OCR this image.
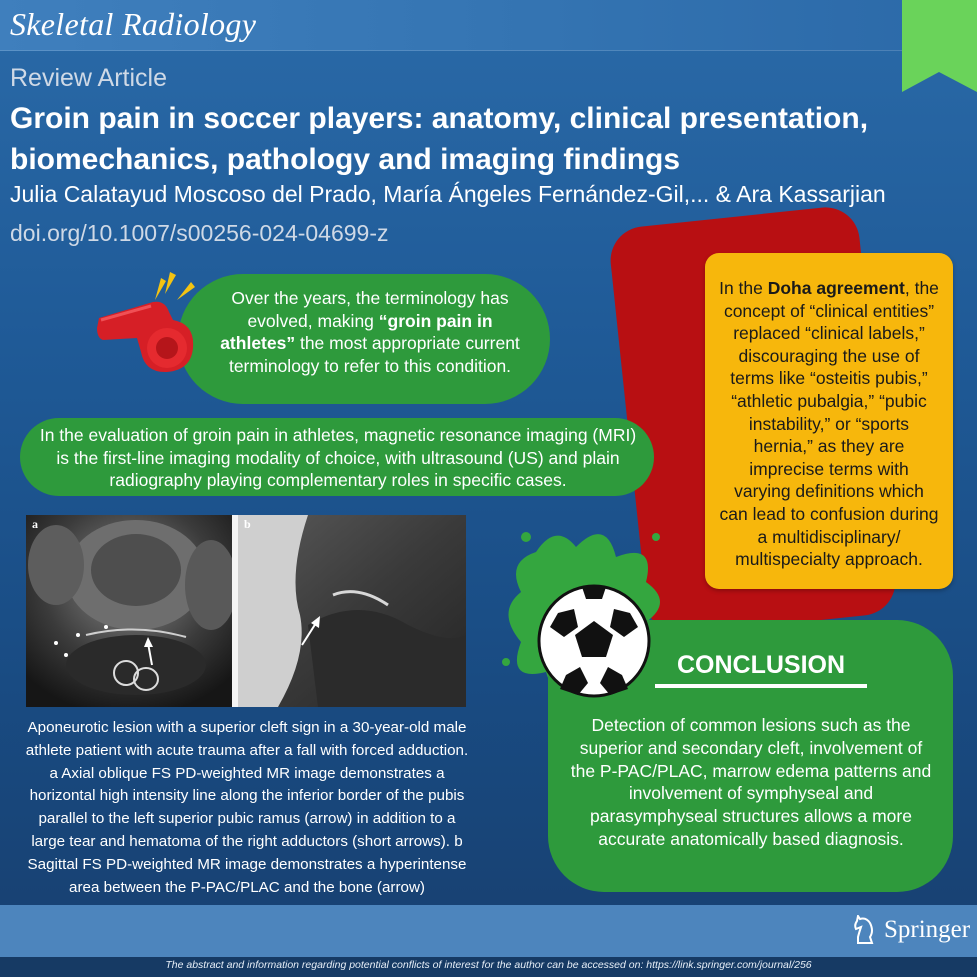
Skeletal Radiology
Review Article
Groin pain in soccer players: anatomy, clinical presentation, biomechanics, pathology and imaging findings
Julia Calatayud Moscoso del Prado, María Ángeles Fernández-Gil,... & Ara Kassarjian
doi.org/10.1007/s00256-024-04699-z
In the Doha agreement, the concept of “clinical entities” replaced “clinical labels,” discouraging the use of terms like “osteitis pubis,” “athletic pubalgia,” “pubic instability,” or “sports hernia,” as they are imprecise terms with varying definitions which can lead to confusion during a multidisciplinary/ multispecialty approach.
Over the years, the terminology has evolved, making “groin pain in athletes” the most appropriate current terminology to refer to this condition.
In the evaluation of groin pain in athletes, magnetic resonance imaging (MRI) is the first-line imaging modality of choice, with ultrasound (US) and plain radiography playing complementary roles in specific cases.
a	b
Aponeurotic lesion with a superior cleft sign in a 30-year-old male athlete patient with acute trauma after a fall with forced adduction. a Axial oblique FS PD-weighted MR image demonstrates a horizontal high intensity line along the inferior border of the pubis parallel to the left superior pubic ramus (arrow) in addition to a large tear and hematoma of the right adductors (short arrows). b Sagittal FS PD-weighted MR image demonstrates a hyperintense area between the P-PAC/PLAC and the bone (arrow)
CONCLUSION
Detection of common lesions such as the superior and secondary cleft, involvement of the P-PAC/PLAC, marrow edema patterns and involvement of symphyseal and parasymphyseal structures allows a more accurate anatomically based diagnosis.
Springer
The abstract and information regarding potential conflicts of interest for the author can be accessed on: https://link.springer.com/journal/256
